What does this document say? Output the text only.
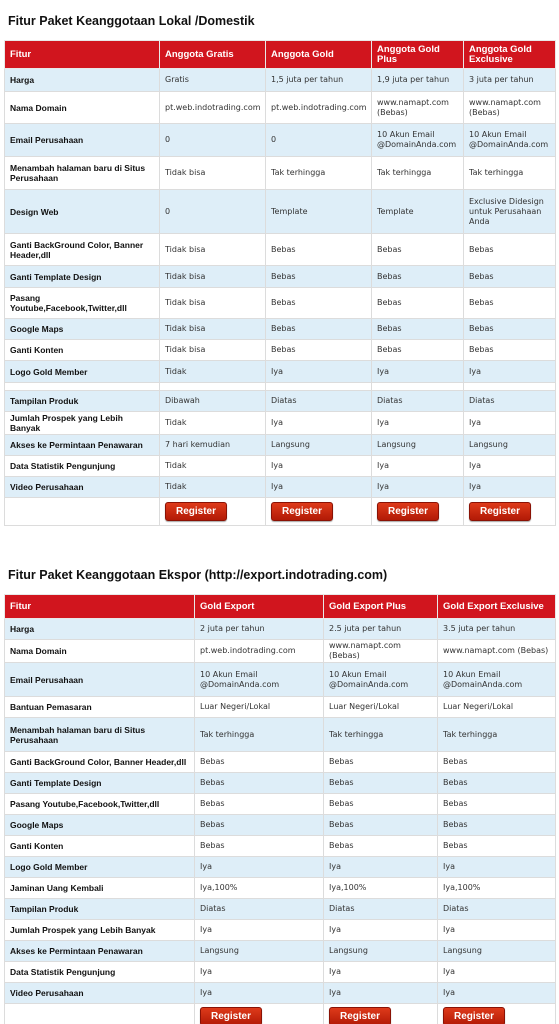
Fitur Paket Keanggotaan Lokal /Domestik
Fitur	Anggota Gratis	Anggota Gold	Anggota Gold Plus	Anggota Gold Exclusive
Harga	Gratis	1,5 juta per tahun	1,9 juta per tahun	3 juta per tahun
Nama Domain	pt.web.indotrading.com	pt.web.indotrading.com	www.namapt.com (Bebas)	www.namapt.com (Bebas)
Email Perusahaan	0	0	10 Akun Email @DomainAnda.com	10 Akun Email @DomainAnda.com
Menambah halaman baru di Situs Perusahaan	Tidak bisa	Tak terhingga	Tak terhingga	Tak terhingga
Design Web	0	Template	Template	Exclusive Didesign untuk Perusahaan Anda
Ganti BackGround Color, Banner Header,dll	Tidak bisa	Bebas	Bebas	Bebas
Ganti Template Design	Tidak bisa	Bebas	Bebas	Bebas
Pasang Youtube,Facebook,Twitter,dll	Tidak bisa	Bebas	Bebas	Bebas
Google Maps	Tidak bisa	Bebas	Bebas	Bebas
Ganti Konten	Tidak bisa	Bebas	Bebas	Bebas
Logo Gold Member	Tidak	Iya	Iya	Iya

Tampilan Produk	Dibawah	Diatas	Diatas	Diatas
Jumlah Prospek yang Lebih Banyak	Tidak	Iya	Iya	Iya
Akses ke Permintaan Penawaran	7 hari kemudian	Langsung	Langsung	Langsung
Data Statistik Pengunjung	Tidak	Iya	Iya	Iya
Video Perusahaan	Tidak	Iya	Iya	Iya
	Register	Register	Register	Register
Fitur Paket Keanggotaan Ekspor (http://export.indotrading.com)
Fitur	Gold Export	Gold Export Plus	Gold Export Exclusive
Harga	2 juta per tahun	2.5 juta per tahun	3.5 juta per tahun
Nama Domain	pt.web.indotrading.com	www.namapt.com (Bebas)	www.namapt.com (Bebas)
Email Perusahaan	10 Akun Email @DomainAnda.com	10 Akun Email @DomainAnda.com	10 Akun Email @DomainAnda.com
Bantuan Pemasaran	Luar Negeri/Lokal	Luar Negeri/Lokal	Luar Negeri/Lokal
Menambah halaman baru di Situs Perusahaan	Tak terhingga	Tak terhingga	Tak terhingga
Ganti BackGround Color, Banner Header,dll	Bebas	Bebas	Bebas
Ganti Template Design	Bebas	Bebas	Bebas
Pasang Youtube,Facebook,Twitter,dll	Bebas	Bebas	Bebas
Google Maps	Bebas	Bebas	Bebas
Ganti Konten	Bebas	Bebas	Bebas
Logo Gold Member	Iya	Iya	Iya
Jaminan Uang Kembali	Iya,100%	Iya,100%	Iya,100%
Tampilan Produk	Diatas	Diatas	Diatas
Jumlah Prospek yang Lebih Banyak	Iya	Iya	Iya
Akses ke Permintaan Penawaran	Langsung	Langsung	Langsung
Data Statistik Pengunjung	Iya	Iya	Iya
Video Perusahaan	Iya	Iya	Iya
	Register	Register	Register
